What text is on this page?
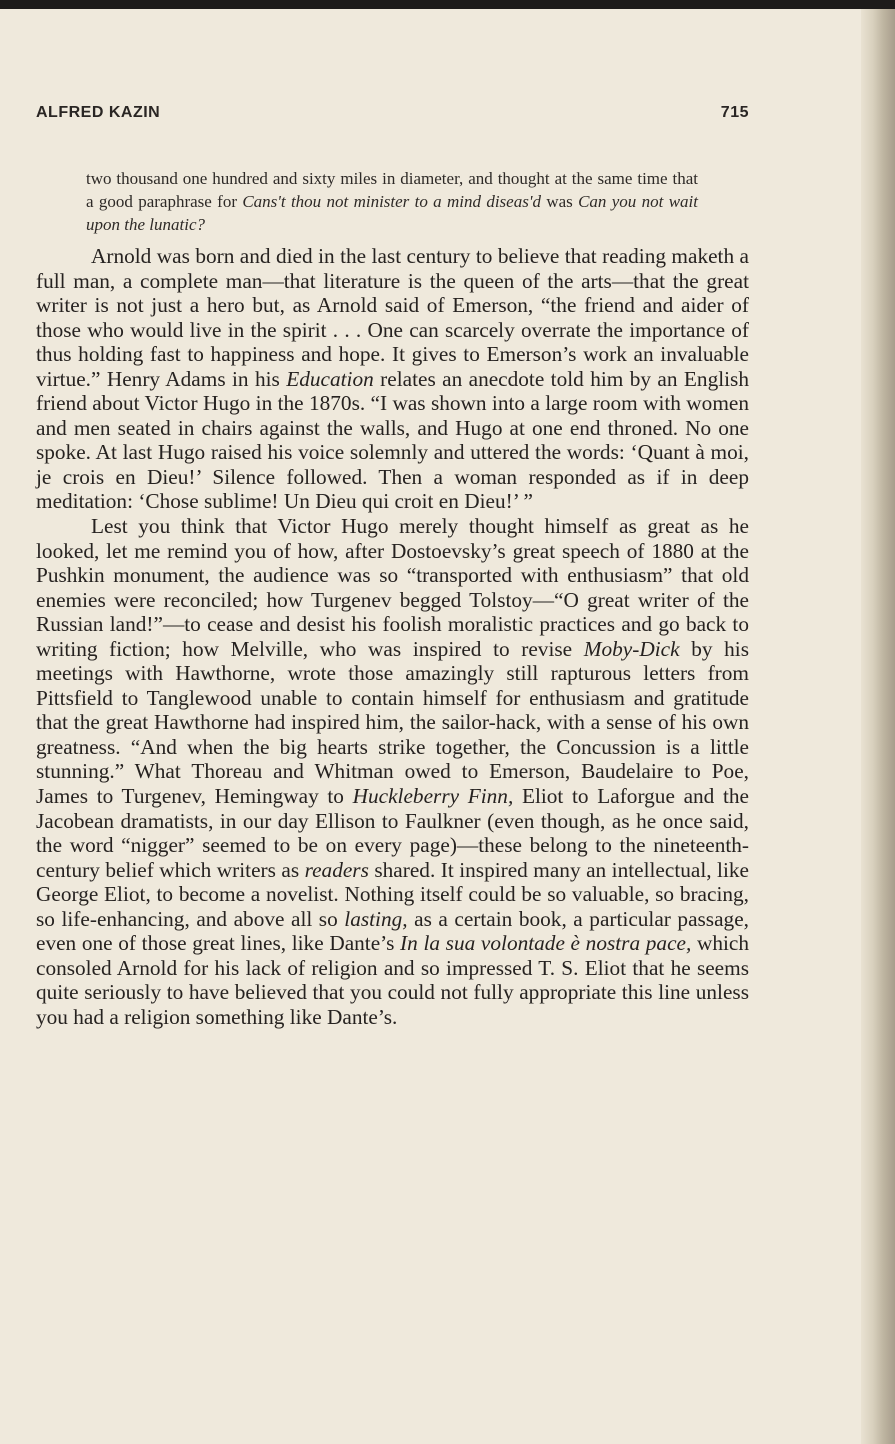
ALFRED KAZIN	715
two thousand one hundred and sixty miles in diameter, and thought at the same time that a good paraphrase for Cans't thou not minister to a mind diseas'd was Can you not wait upon the lunatic?

Arnold was born and died in the last century to believe that reading maketh a full man, a complete man—that literature is the queen of the arts—that the great writer is not just a hero but, as Arnold said of Emerson, “the friend and aider of those who would live in the spirit . . . One can scarcely overrate the importance of thus holding fast to happiness and hope. It gives to Emerson’s work an invaluable virtue.” Henry Adams in his Education relates an anecdote told him by an English friend about Victor Hugo in the 1870s. “I was shown into a large room with women and men seated in chairs against the walls, and Hugo at one end throned. No one spoke. At last Hugo raised his voice solemnly and uttered the words: ‘Quant à moi, je crois en Dieu!’ Silence followed. Then a woman responded as if in deep meditation: ‘Chose sublime! Un Dieu qui croit en Dieu!’ ”

Lest you think that Victor Hugo merely thought himself as great as he looked, let me remind you of how, after Dostoevsky’s great speech of 1880 at the Pushkin monument, the audience was so “transported with enthusiasm” that old enemies were reconciled; how Turgenev begged Tolstoy—“O great writer of the Russian land!”—to cease and desist his foolish moralistic practices and go back to writing fiction; how Melville, who was inspired to revise Moby-Dick by his meetings with Hawthorne, wrote those amazingly still rapturous letters from Pittsfield to Tanglewood unable to contain himself for enthusiasm and gratitude that the great Hawthorne had inspired him, the sailor-hack, with a sense of his own greatness. “And when the big hearts strike together, the Concussion is a little stunning.” What Thoreau and Whitman owed to Emerson, Baudelaire to Poe, James to Turgenev, Hemingway to Huckleberry Finn, Eliot to Laforgue and the Jacobean dramatists, in our day Ellison to Faulkner (even though, as he once said, the word “nigger” seemed to be on every page)—these belong to the nineteenth-century belief which writers as readers shared. It inspired many an intellectual, like George Eliot, to become a novelist. Nothing itself could be so valuable, so bracing, so life-enhancing, and above all so lasting, as a certain book, a particular passage, even one of those great lines, like Dante’s In la sua volontade è nostra pace, which consoled Arnold for his lack of religion and so impressed T. S. Eliot that he seems quite seriously to have believed that you could not fully appropriate this line unless you had a religion something like Dante’s.
